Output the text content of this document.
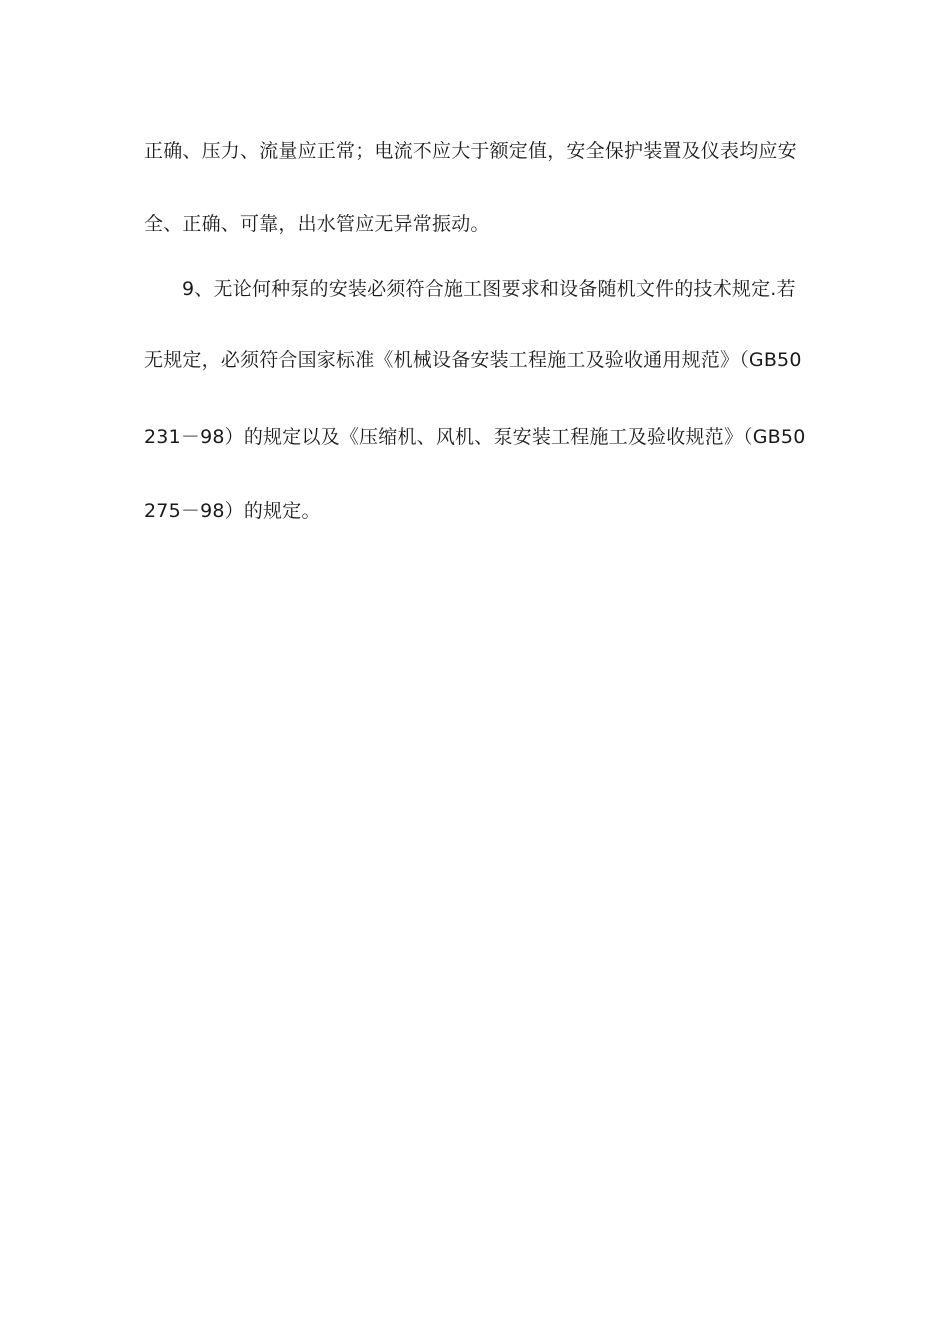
正确、压力、流量应正常；电流不应大于额定值，安全保护装置及仪表均应安
全、正确、可靠，出水管应无异常振动。
9、无论何种泵的安装必须符合施工图要求和设备随机文件的技术规定.若
无规定，必须符合国家标准《机械设备安装工程施工及验收通用规范》（GB50
231－98）的规定以及《压缩机、风机、泵安装工程施工及验收规范》（GB50
275－98）的规定。
